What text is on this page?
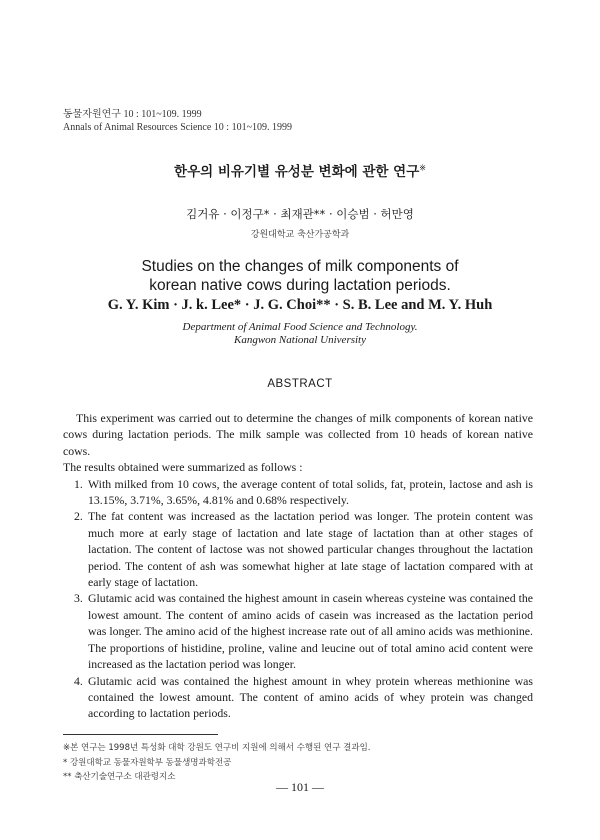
동물자원연구 10 : 101~109. 1999
Annals of Animal Resources Science 10 : 101~109. 1999
한우의 비유기별 유성분 변화에 관한 연구※
김거유 · 이정구* · 최재관** · 이승범 · 허만영
강원대학교 축산가공학과
Studies on the changes of milk components of
korean native cows during lactation periods.
G. Y. Kim · J. k. Lee* · J. G. Choi** · S. B. Lee and M. Y. Huh
Department of Animal Food Science and Technology.
Kangwon National University
ABSTRACT

This experiment was carried out to determine the changes of milk components of korean native cows during lactation periods. The milk sample was collected from 10 heads of korean native cows.

The results obtained were summarized as follows :

1. With milked from 10 cows, the average content of total solids, fat, protein, lactose and ash is 13.15%, 3.71%, 3.65%, 4.81% and 0.68% respectively.
2. The fat content was increased as the lactation period was longer. The protein content was much more at early stage of lactation and late stage of lactation than at other stages of lactation. The content of lactose was not showed particular changes throughout the lactation period. The content of ash was somewhat higher at late stage of lactation compared with at early stage of lactation.
3. Glutamic acid was contained the highest amount in casein whereas cysteine was contained the lowest amount. The content of amino acids of casein was increased as the lactation period was longer. The amino acid of the highest increase rate out of all amino acids was methionine. The proportions of histidine, proline, valine and leucine out of total amino acid content were increased as the lactation period was longer.
4. Glutamic acid was contained the highest amount in whey protein whereas methionine was contained the lowest amount. The content of amino acids of whey protein was changed according to lactation periods.
※본 연구는 1998년 특성화 대학 강원도 연구비 지원에 의해서 수행된 연구 결과임.
* 강원대학교 동물자원학부 동물생명과학전공
** 축산기술연구소 대관령지소
— 101 —
